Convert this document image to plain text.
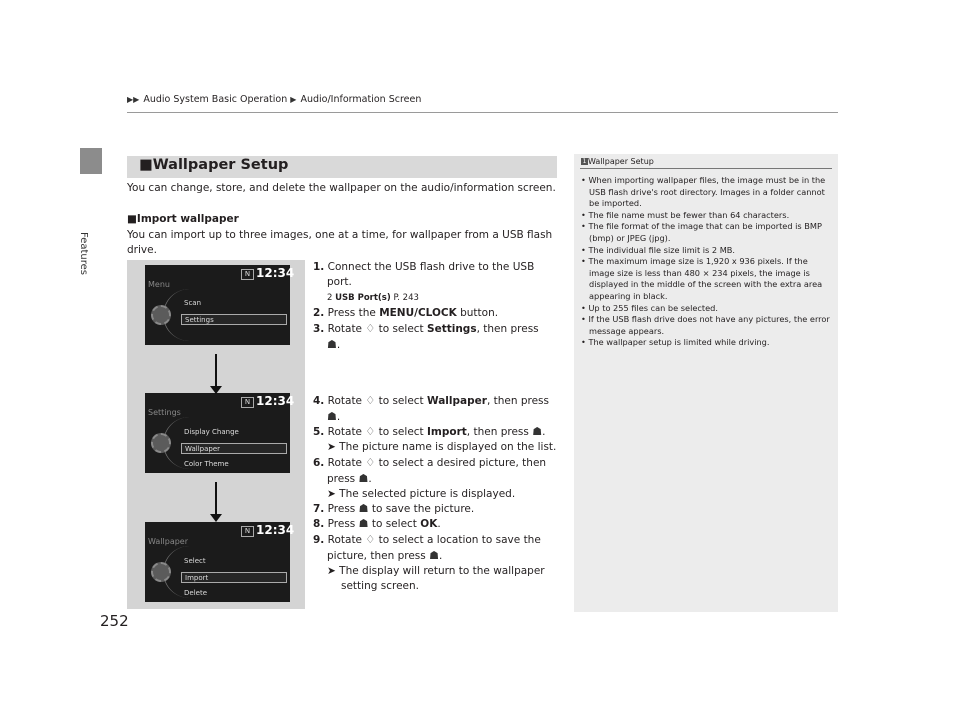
▶▶ Audio System Basic Operation ▶ Audio/Information Screen
Features
252
■Wallpaper Setup
You can change, store, and delete the wallpaper on the audio/information screen.
■Import wallpaper
You can import up to three images, one at a time, for wallpaper from a USB flash drive.
N 12:34
Menu
Scan
Settings
N 12:34
Settings
Display Change
Wallpaper
Color Theme
N 12:34
Wallpaper
Select
Import
Delete
1. Connect the USB flash drive to the USB
port.
2 USB Port(s) P. 243
2. Press the MENU/CLOCK button.
3. Rotate ♢ to select Settings, then press
☗.
4. Rotate ♢ to select Wallpaper, then press
☗.
5. Rotate ♢ to select Import, then press ☗.
➤ The picture name is displayed on the list.
6. Rotate ♢ to select a desired picture, then
press ☗.
➤ The selected picture is displayed.
7. Press ☗ to save the picture.
8. Press ☗ to select OK.
9. Rotate ♢ to select a location to save the
picture, then press ☗.
➤ The display will return to the wallpaper
setting screen.
1 Wallpaper Setup

• When importing wallpaper files, the image must be in the USB flash drive's root directory. Images in a folder cannot be imported.

• The file name must be fewer than 64 characters.

• The file format of the image that can be imported is BMP (bmp) or JPEG (jpg).

• The individual file size limit is 2 MB.

• The maximum image size is 1,920 x 936 pixels. If the image size is less than 480 × 234 pixels, the image is displayed in the middle of the screen with the extra area appearing in black.

• Up to 255 files can be selected.

• If the USB flash drive does not have any pictures, the error message appears.

• The wallpaper setup is limited while driving.
